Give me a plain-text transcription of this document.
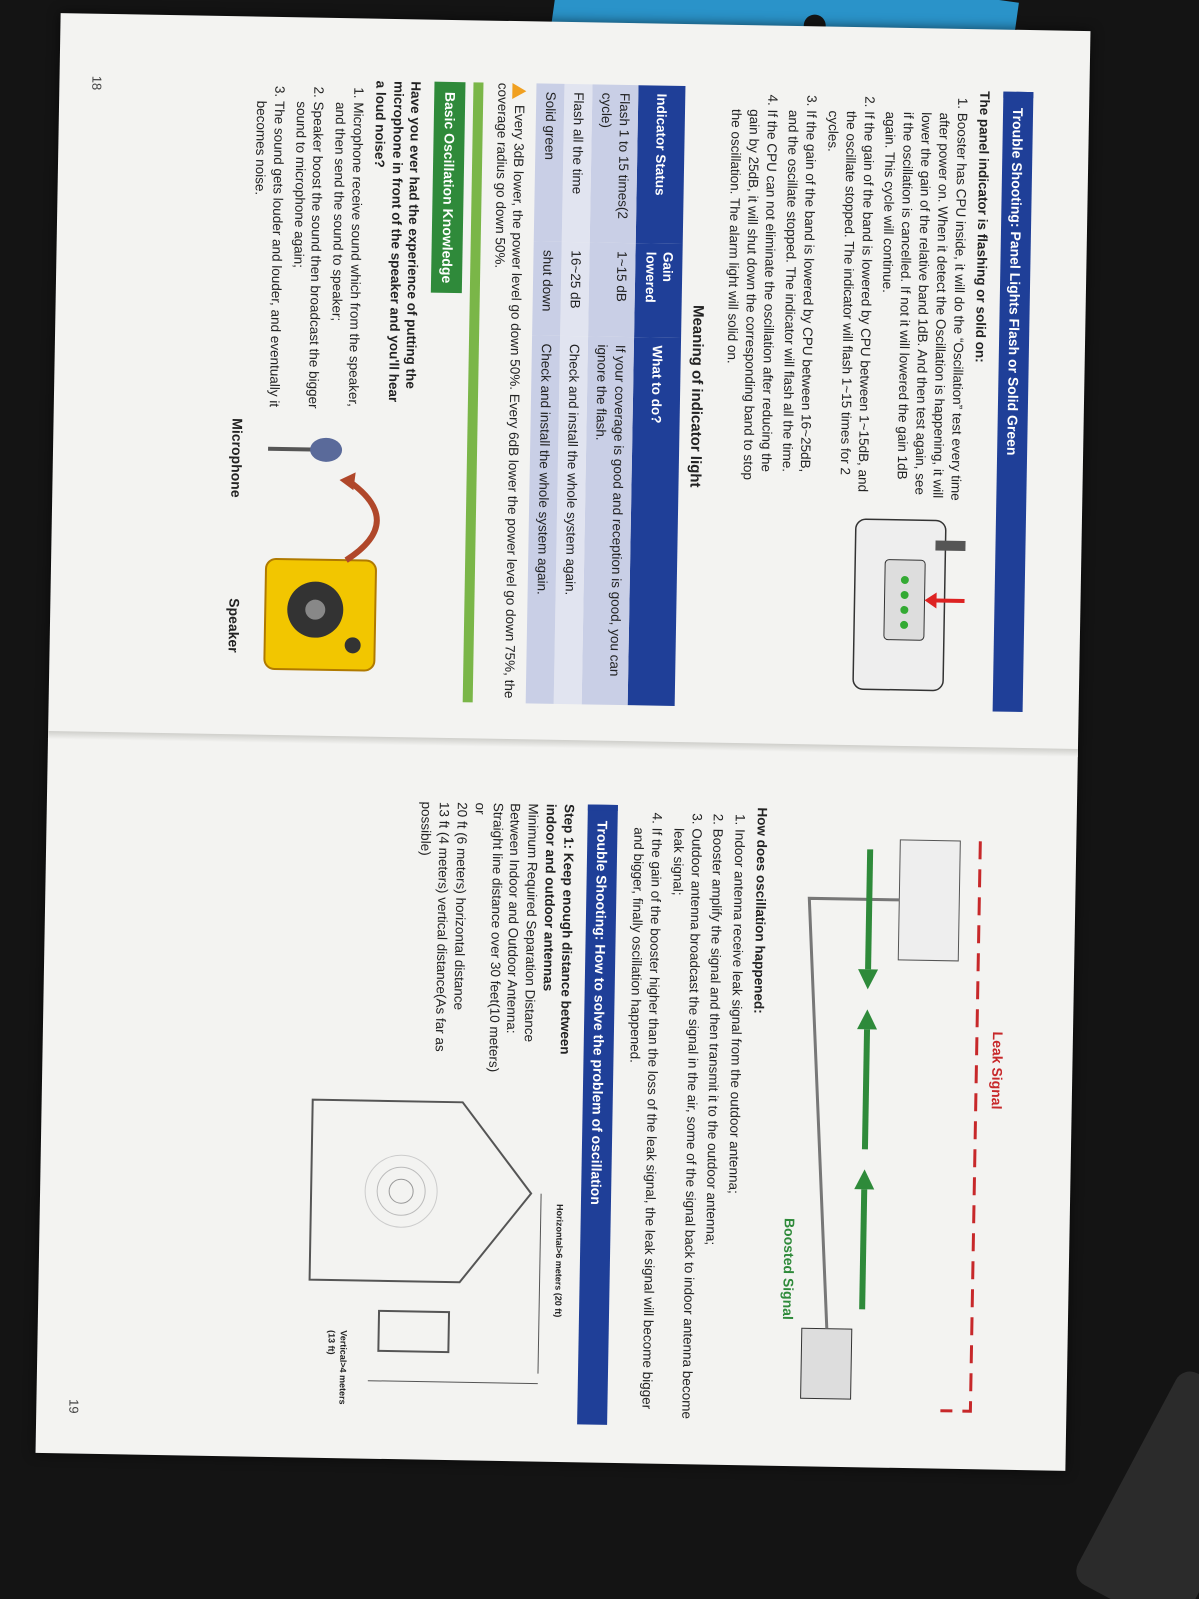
Trouble Shooting: Panel Lights Flash or Solid Green
The panel indicator is flashing or solid on:
1. Booster has CPU inside, it will do the “Oscillation” test every time after power on. When it detect the Oscillation is happening, it will lower the gain of the relative band 1dB. And then test again, see if the oscillation is cancelled. If not it will lowered the gain 1dB again. This cycle will continue.
2. If the gain of the band is lowered by CPU between 1~15dB, and the oscillate stopped. The indicator will flash 1~15 times for 2 cycles.
3. If the gain of the band is lowered by CPU between 16~25dB, and the oscillate stopped. The indicator will flash all the time.
4. If the CPU can not eliminate the oscillation after reducing the gain by 25dB, it will shut down the corresponding band to stop the oscillation. The alarm light will solid on.
Meaning of indicator light
Indicator Status	Gain lowered	What to do?
Flash 1 to 15 times(2 cycle)	1~15 dB	If your coverage is good and reception is good, you can ignore the flash.
Flash all the time	16~25 dB	Check and install the whole system again.
Solid green	shut down	Check and install the whole system again.
Every 3dB lower, the power level go down 50%. Every 6dB lower the power level go down 75%, the coverage radius go down 50%.
Basic Oscillation Knowledge
Have you ever had the experience of putting the microphone in front of the speaker and you'll hear a loud noise?
1. Microphone receive sound which from the speaker, and then send the sound to speaker;
2. Speaker boost the sound then broadcast the bigger sound to microphone again;
3. The sound gets louder and louder, and eventually it becomes noise.
Microphone
Speaker
18
Leak Signal
Boosted Signal
How does oscillation happened:
1. Indoor antenna receive leak signal from the outdoor antenna;
2. Booster amplify the signal and then transmit it to the outdoor antenna;
3. Outdoor antenna broadcast the signal in the air, some of the signal back to indoor antenna become leak signal;
4. If the gain of the booster higher than the loss of the leak signal, the leak signal will become bigger and bigger, finally oscillation happened.
Trouble Shooting: How to solve the problem of oscillation
Step 1: Keep enough distance between indoor and outdoor antennas
Minimum Required Separation Distance
Between Indoor and Outdoor Antenna:
Straight line distance over 30 feet(10 meters)
or
20 ft (6 meters) horizontal distance
13 ft (4 meters) vertical distance(As far as possible)
Horizontal>6 meters (20 ft)
Vertical>4 meters (13 ft)
19
